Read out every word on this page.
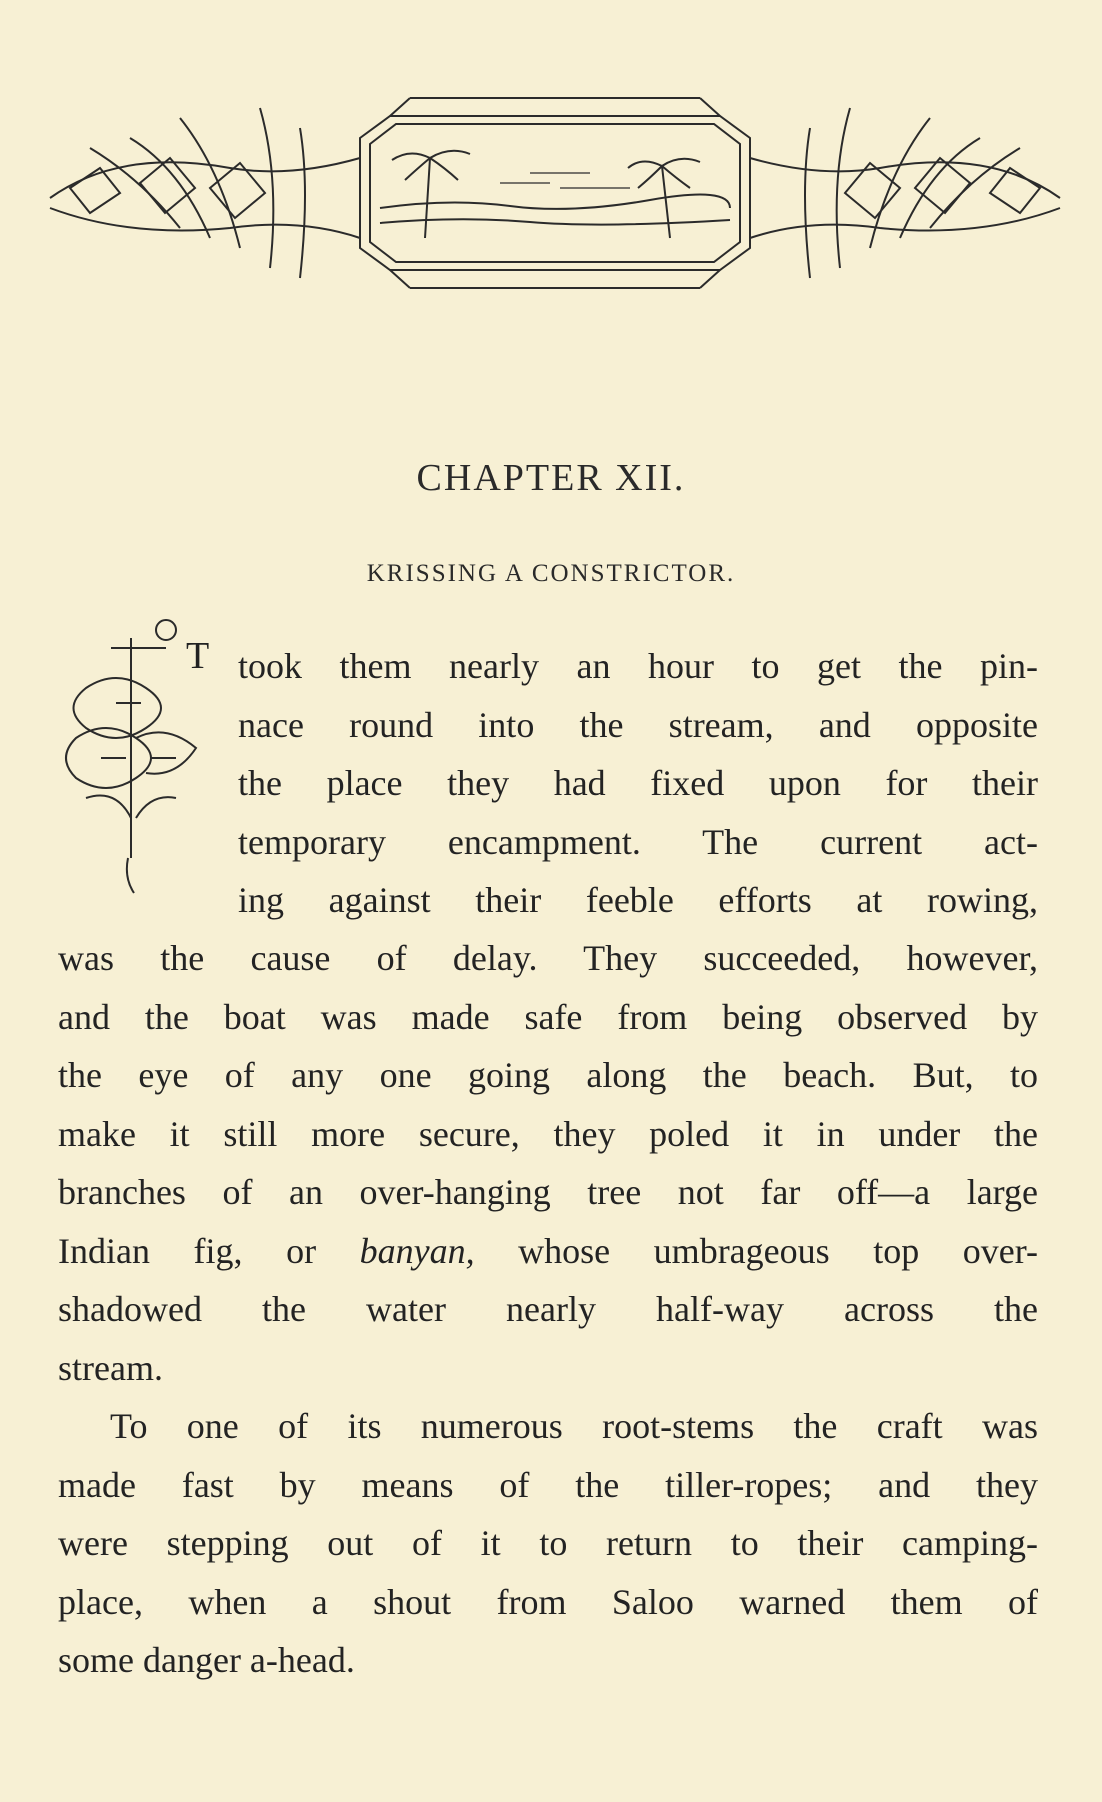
CHAPTER XII.
KRISSING A CONSTRICTOR.
T took them nearly an hour to get the pin-
nace round into the stream, and opposite
the place they had fixed upon for their
temporary encampment. The current act-
ing against their feeble efforts at rowing,
was the cause of delay. They succeeded, however,
and the boat was made safe from being observed by
the eye of any one going along the beach. But, to
make it still more secure, they poled it in under the
branches of an over-hanging tree not far off—a large
Indian fig, or banyan, whose umbrageous top over-
shadowed the water nearly half-way across the
stream.
To one of its numerous root-stems the craft was
made fast by means of the tiller-ropes; and they
were stepping out of it to return to their camping-
place, when a shout from Saloo warned them of
some danger a-head.
